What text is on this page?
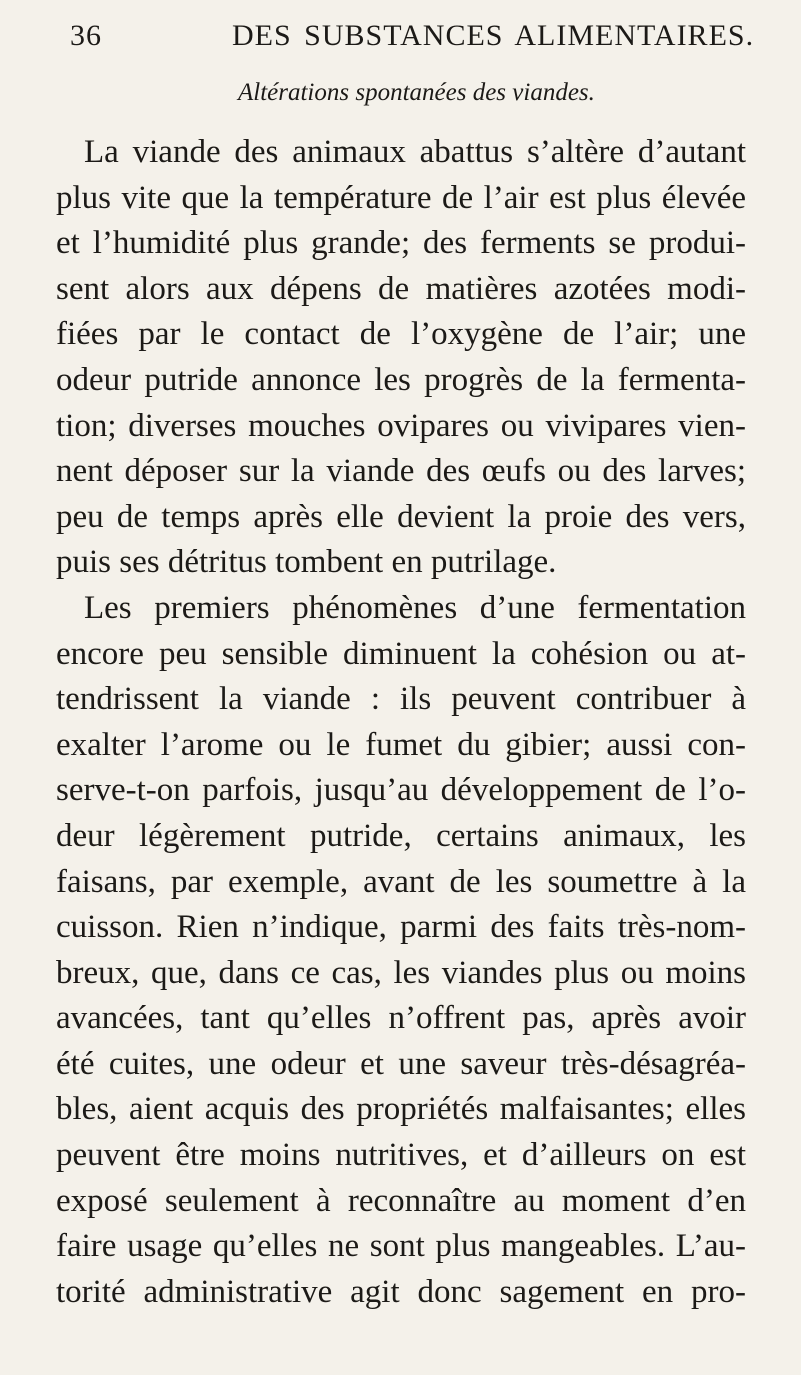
36	DES SUBSTANCES ALIMENTAIRES.
Altérations spontanées des viandes.
La viande des animaux abattus s’altère d’autant
plus vite que la température de l’air est plus élevée
et l’humidité plus grande; des ferments se produi-
sent alors aux dépens de matières azotées modi-
fiées par le contact de l’oxygène de l’air; une
odeur putride annonce les progrès de la fermenta-
tion; diverses mouches ovipares ou vivipares vien-
nent déposer sur la viande des œufs ou des larves;
peu de temps après elle devient la proie des vers,
puis ses détritus tombent en putrilage.
Les premiers phénomènes d’une fermentation
encore peu sensible diminuent la cohésion ou at-
tendrissent la viande : ils peuvent contribuer à
exalter l’arome ou le fumet du gibier; aussi con-
serve-t-on parfois, jusqu’au développement de l’o-
deur légèrement putride, certains animaux, les
faisans, par exemple, avant de les soumettre à la
cuisson. Rien n’indique, parmi des faits très-nom-
breux, que, dans ce cas, les viandes plus ou moins
avancées, tant qu’elles n’offrent pas, après avoir
été cuites, une odeur et une saveur très-désagréa-
bles, aient acquis des propriétés malfaisantes; elles
peuvent être moins nutritives, et d’ailleurs on est
exposé seulement à reconnaître au moment d’en
faire usage qu’elles ne sont plus mangeables. L’au-
torité administrative agit donc sagement en pro-
